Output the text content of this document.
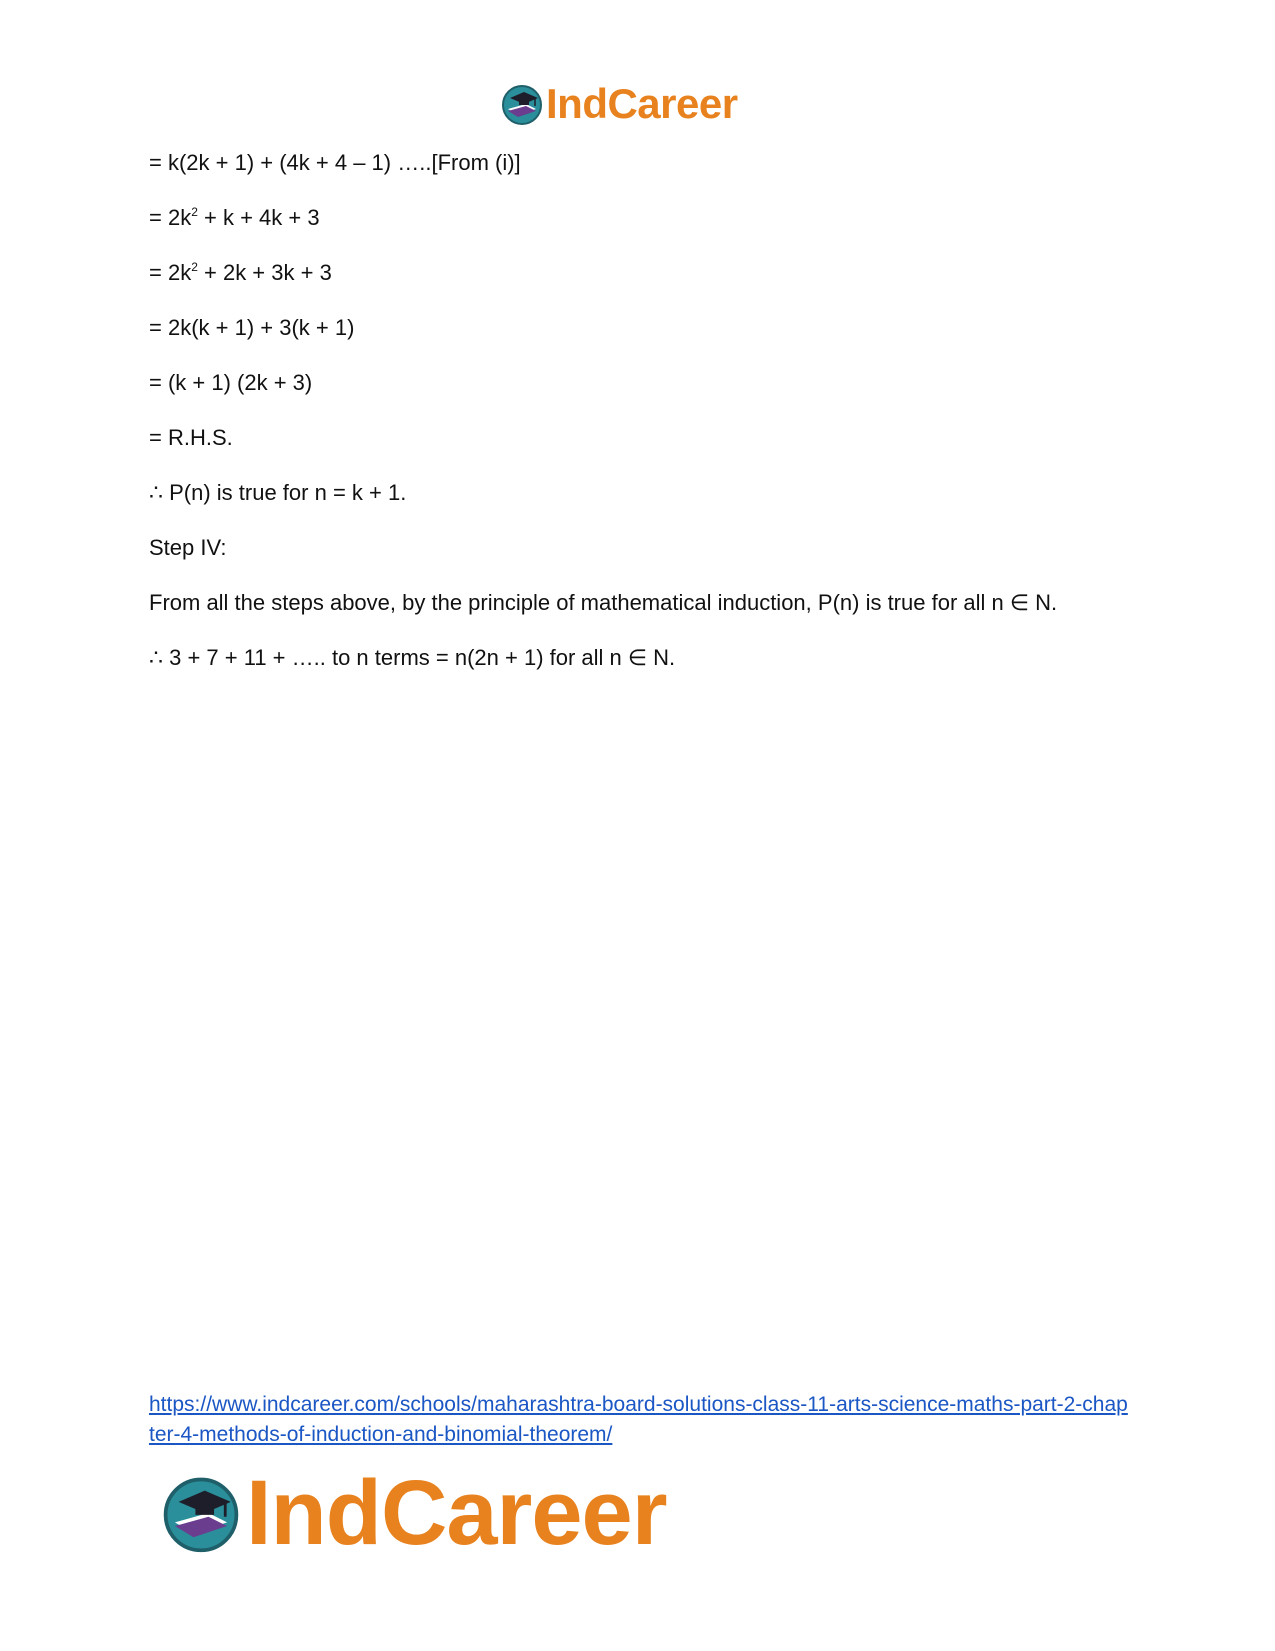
IndCareer
= k(2k + 1) + (4k + 4 – 1) …..[From (i)]
= $2k^2 + k + 4k + 3$
= $2k^2 + 2k + 3k + 3$
= 2k(k + 1) + 3(k + 1)
= (k + 1) (2k + 3)
= R.H.S.
∴ P(n) is true for n = k + 1.
Step IV:
From all the steps above, by the principle of mathematical induction, P(n) is true for all n ∈ N.
∴ 3 + 7 + 11 + ….. to n terms = n(2n + 1) for all n ∈ N.
https://www.indcareer.com/schools/maharashtra-board-solutions-class-11-arts-science-maths-part-2-chapter-4-methods-of-induction-and-binomial-theorem/
IndCareer
